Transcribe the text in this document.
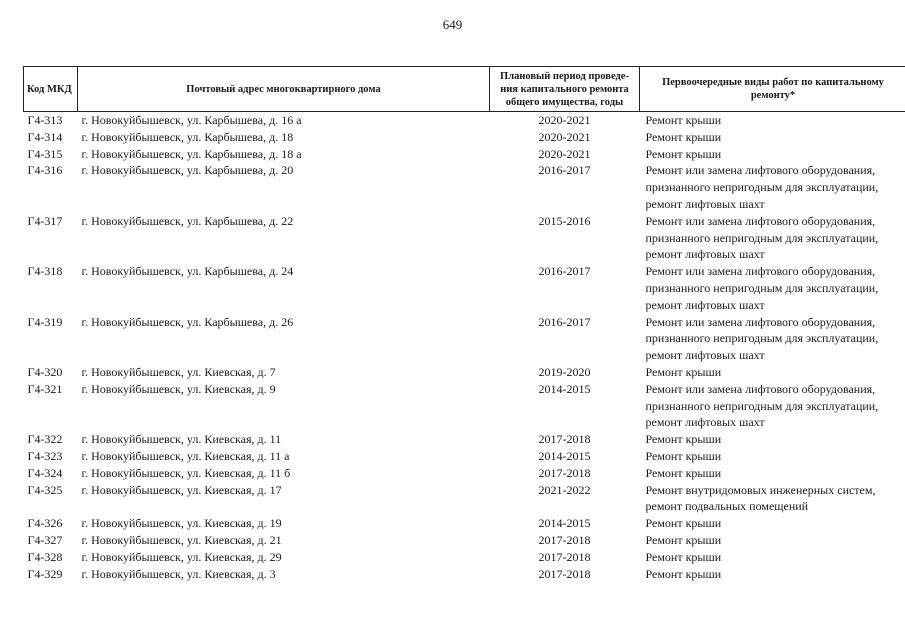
649
Код МКД	Почтовый адрес многоквартирного дома	Плановый период проведе-ния капитального ремонта общего имущества, годы	Первоочередные виды работ по капитальному ремонту*
Г4-313	г. Новокуйбышевск, ул. Карбышева, д. 16 а	2020-2021	Ремонт крыши

Г4-314	г. Новокуйбышевск, ул. Карбышева, д. 18	2020-2021	Ремонт крыши

Г4-315	г. Новокуйбышевск, ул. Карбышева, д. 18 а	2020-2021	Ремонт крыши

Г4-316	г. Новокуйбышевск, ул. Карбышева, д. 20	2016-2017	Ремонт или замена лифтового оборудования,
признанного непригодным для эксплуатации,
ремонт лифтовых шахт

Г4-317	г. Новокуйбышевск, ул. Карбышева, д. 22	2015-2016	Ремонт или замена лифтового оборудования,
признанного непригодным для эксплуатации,
ремонт лифтовых шахт

Г4-318	г. Новокуйбышевск, ул. Карбышева, д. 24	2016-2017	Ремонт или замена лифтового оборудования,
признанного непригодным для эксплуатации,
ремонт лифтовых шахт

Г4-319	г. Новокуйбышевск, ул. Карбышева, д. 26	2016-2017	Ремонт или замена лифтового оборудования,
признанного непригодным для эксплуатации,
ремонт лифтовых шахт

Г4-320	г. Новокуйбышевск, ул. Киевская, д. 7	2019-2020	Ремонт крыши

Г4-321	г. Новокуйбышевск, ул. Киевская, д. 9	2014-2015	Ремонт или замена лифтового оборудования,
признанного непригодным для эксплуатации,
ремонт лифтовых шахт

Г4-322	г. Новокуйбышевск, ул. Киевская, д. 11	2017-2018	Ремонт крыши

Г4-323	г. Новокуйбышевск, ул. Киевская, д. 11 а	2014-2015	Ремонт крыши

Г4-324	г. Новокуйбышевск, ул. Киевская, д. 11 б	2017-2018	Ремонт крыши

Г4-325	г. Новокуйбышевск, ул. Киевская, д. 17	2021-2022	Ремонт внутридомовых инженерных систем,
ремонт подвальных помещений

Г4-326	г. Новокуйбышевск, ул. Киевская, д. 19	2014-2015	Ремонт крыши

Г4-327	г. Новокуйбышевск, ул. Киевская, д. 21	2017-2018	Ремонт крыши

Г4-328	г. Новокуйбышевск, ул. Киевская, д. 29	2017-2018	Ремонт крыши

Г4-329	г. Новокуйбышевск, ул. Киевская, д. 3	2017-2018	Ремонт крыши
